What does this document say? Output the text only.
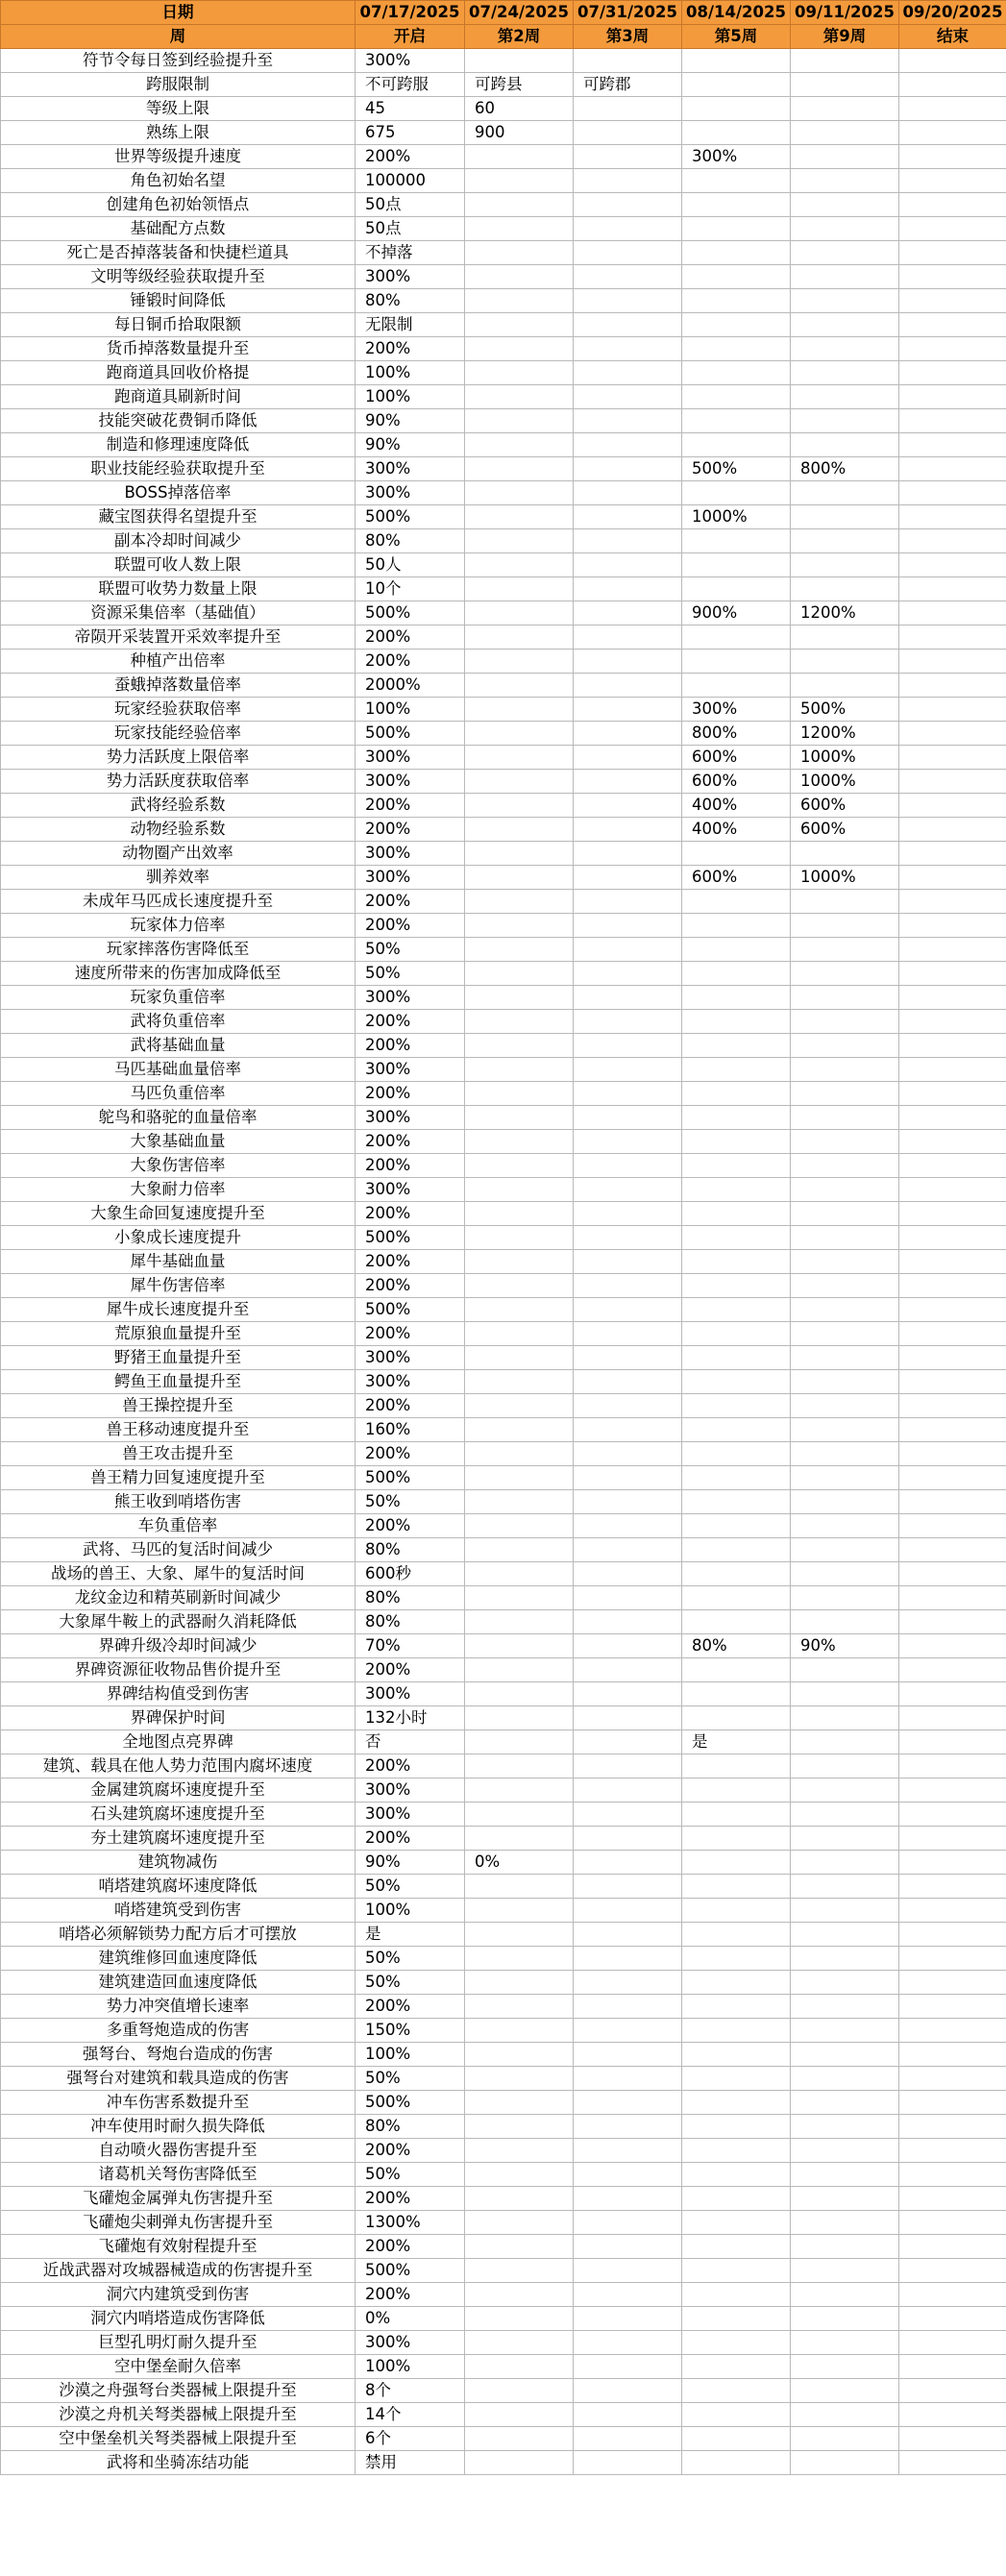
日期	07/17/2025	07/24/2025	07/31/2025	08/14/2025	09/11/2025	09/20/2025
周	开启	第2周	第3周	第5周	第9周	结束
符节令每日签到经验提升至	300%					
跨服限制	不可跨服	可跨县	可跨郡			
等级上限	45	60				
熟练上限	675	900				
世界等级提升速度	200%			300%		
角色初始名望	100000					
创建角色初始领悟点	50点					
基础配方点数	50点					
死亡是否掉落装备和快捷栏道具	不掉落					
文明等级经验获取提升至	300%					
锤锻时间降低	80%					
每日铜币拾取限额	无限制					
货币掉落数量提升至	200%					
跑商道具回收价格提	100%					
跑商道具刷新时间	100%					
技能突破花费铜币降低	90%					
制造和修理速度降低	90%					
职业技能经验获取提升至	300%			500%	800%	
BOSS掉落倍率	300%					
藏宝图获得名望提升至	500%			1000%		
副本冷却时间减少	80%					
联盟可收人数上限	50人					
联盟可收势力数量上限	10个					
资源采集倍率（基础值）	500%			900%	1200%	
帝陨开采装置开采效率提升至	200%					
种植产出倍率	200%					
蚕蛾掉落数量倍率	2000%					
玩家经验获取倍率	100%			300%	500%	
玩家技能经验倍率	500%			800%	1200%	
势力活跃度上限倍率	300%			600%	1000%	
势力活跃度获取倍率	300%			600%	1000%	
武将经验系数	200%			400%	600%	
动物经验系数	200%			400%	600%	
动物圈产出效率	300%					
驯养效率	300%			600%	1000%	
未成年马匹成长速度提升至	200%					
玩家体力倍率	200%					
玩家摔落伤害降低至	50%					
速度所带来的伤害加成降低至	50%					
玩家负重倍率	300%					
武将负重倍率	200%					
武将基础血量	200%					
马匹基础血量倍率	300%					
马匹负重倍率	200%					
鸵鸟和骆驼的血量倍率	300%					
大象基础血量	200%					
大象伤害倍率	200%					
大象耐力倍率	300%					
大象生命回复速度提升至	200%					
小象成长速度提升	500%					
犀牛基础血量	200%					
犀牛伤害倍率	200%					
犀牛成长速度提升至	500%					
荒原狼血量提升至	200%					
野猪王血量提升至	300%					
鳄鱼王血量提升至	300%					
兽王操控提升至	200%					
兽王移动速度提升至	160%					
兽王攻击提升至	200%					
兽王精力回复速度提升至	500%					
熊王收到哨塔伤害	50%					
车负重倍率	200%					
武将、马匹的复活时间减少	80%					
战场的兽王、大象、犀牛的复活时间	600秒					
龙纹金边和精英刷新时间减少	80%					
大象犀牛鞍上的武器耐久消耗降低	80%					
界碑升级冷却时间减少	70%			80%	90%	
界碑资源征收物品售价提升至	200%					
界碑结构值受到伤害	300%					
界碑保护时间	132小时					
全地图点亮界碑	否			是		
建筑、载具在他人势力范围内腐坏速度	200%					
金属建筑腐坏速度提升至	300%					
石头建筑腐坏速度提升至	300%					
夯土建筑腐坏速度提升至	200%					
建筑物减伤	90%	0%				
哨塔建筑腐坏速度降低	50%					
哨塔建筑受到伤害	100%					
哨塔必须解锁势力配方后才可摆放	是					
建筑维修回血速度降低	50%					
建筑建造回血速度降低	50%					
势力冲突值增长速率	200%					
多重弩炮造成的伤害	150%					
强弩台、弩炮台造成的伤害	100%					
强弩台对建筑和载具造成的伤害	50%					
冲车伤害系数提升至	500%					
冲车使用时耐久损失降低	80%					
自动喷火器伤害提升至	200%					
诸葛机关弩伤害降低至	50%					
飞礶炮金属弹丸伤害提升至	200%					
飞礶炮尖刺弹丸伤害提升至	1300%					
飞礶炮有效射程提升至	200%					
近战武器对攻城器械造成的伤害提升至	500%					
洞穴内建筑受到伤害	200%					
洞穴内哨塔造成伤害降低	0%					
巨型孔明灯耐久提升至	300%					
空中堡垒耐久倍率	100%					
沙漠之舟强弩台类器械上限提升至	8个					
沙漠之舟机关弩类器械上限提升至	14个					
空中堡垒机关弩类器械上限提升至	6个					
武将和坐骑冻结功能	禁用					
